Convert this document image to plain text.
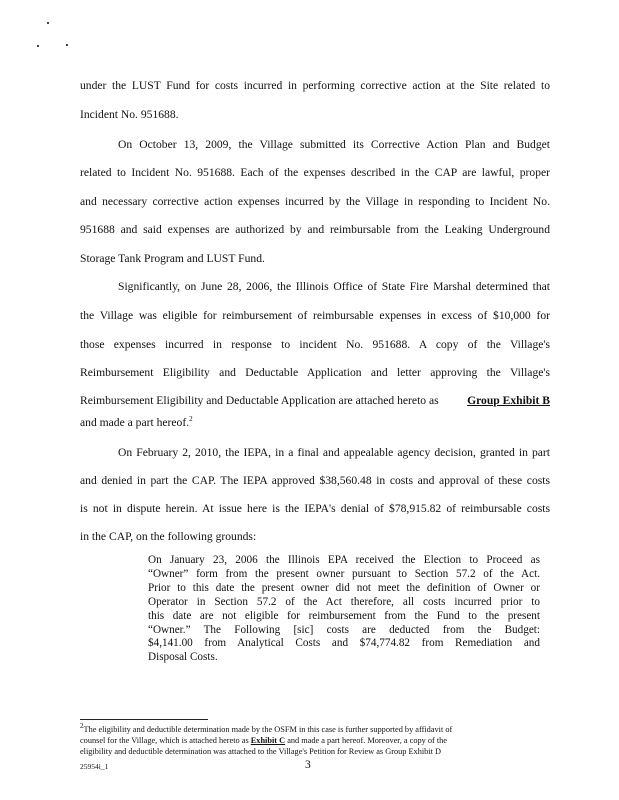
under the LUST Fund for costs incurred in performing corrective action at the Site related to
Incident No. 951688.
On October 13, 2009, the Village submitted its Corrective Action Plan and Budget
related to Incident No. 951688. Each of the expenses described in the CAP are lawful, proper
and necessary corrective action expenses incurred by the Village in responding to Incident No.
951688 and said expenses are authorized by and reimbursable from the Leaking Underground
Storage Tank Program and LUST Fund.
Significantly, on June 28, 2006, the Illinois Office of State Fire Marshal determined that
the Village was eligible for reimbursement of reimbursable expenses in excess of $10,000 for
those expenses incurred in response to incident No. 951688. A copy of the Village's
Reimbursement Eligibility and Deductable Application and letter approving the Village's
Reimbursement Eligibility and Deductable Application are attached hereto as Group Exhibit B
and made a part hereof.$^2$
On February 2, 2010, the IEPA, in a final and appealable agency decision, granted in part
and denied in part the CAP. The IEPA approved $38,560.48 in costs and approval of these costs
is not in dispute herein. At issue here is the IEPA's denial of $78,915.82 of reimbursable costs
in the CAP, on the following grounds:
On January 23, 2006 the Illinois EPA received the Election to Proceed as
“Owner” form from the present owner pursuant to Section 57.2 of the Act.
Prior to this date the present owner did not meet the definition of Owner or
Operator in Section 57.2 of the Act therefore, all costs incurred prior to
this date are not eligible for reimbursement from the Fund to the present
“Owner.” The Following [sic] costs are deducted from the Budget:
$4,141.00 from Analytical Costs and $74,774.82 from Remediation and
Disposal Costs.
$^2$The eligibility and deductible determination made by the OSFM in this case is further supported by affidavit of
counsel for the Village, which is attached hereto as Exhibit C and made a part hereof. Moreover, a copy of the
eligibility and deductible determination was attached to the Village's Petition for Review as Group Exhibit D
25954i_1	3
